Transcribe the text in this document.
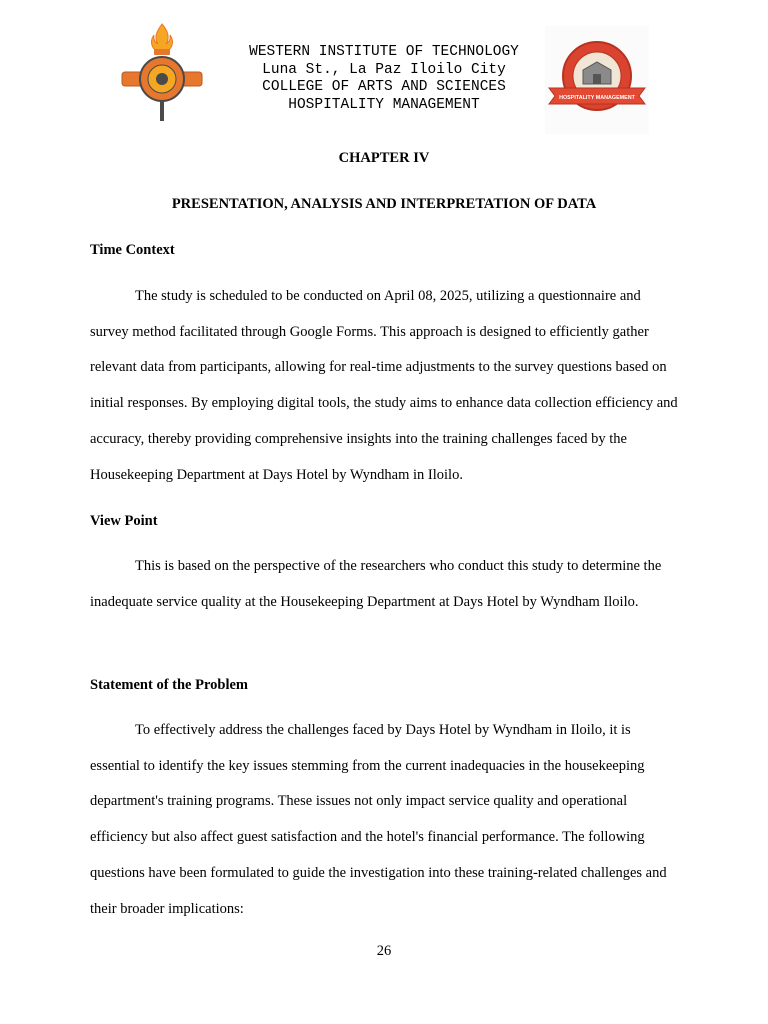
WESTERN INSTITUTE OF TECHNOLOGY
Luna St., La Paz Iloilo City
COLLEGE OF ARTS AND SCIENCES
HOSPITALITY MANAGEMENT	HOSPITALITY MANAGEMENT
CHAPTER IV
PRESENTATION, ANALYSIS AND INTERPRETATION OF DATA
Time Context
The study is scheduled to be conducted on April 08, 2025, utilizing a questionnaire and survey method facilitated through Google Forms. This approach is designed to efficiently gather relevant data from participants, allowing for real-time adjustments to the survey questions based on initial responses. By employing digital tools, the study aims to enhance data collection efficiency and accuracy, thereby providing comprehensive insights into the training challenges faced by the Housekeeping Department at Days Hotel by Wyndham in Iloilo.
View Point
This is based on the perspective of the researchers who conduct this study to determine the inadequate service quality at the Housekeeping Department at Days Hotel by Wyndham Iloilo.
Statement of the Problem
To effectively address the challenges faced by Days Hotel by Wyndham in Iloilo, it is essential to identify the key issues stemming from the current inadequacies in the housekeeping department's training programs. These issues not only impact service quality and operational efficiency but also affect guest satisfaction and the hotel's financial performance. The following questions have been formulated to guide the investigation into these training-related challenges and their broader implications:
26
